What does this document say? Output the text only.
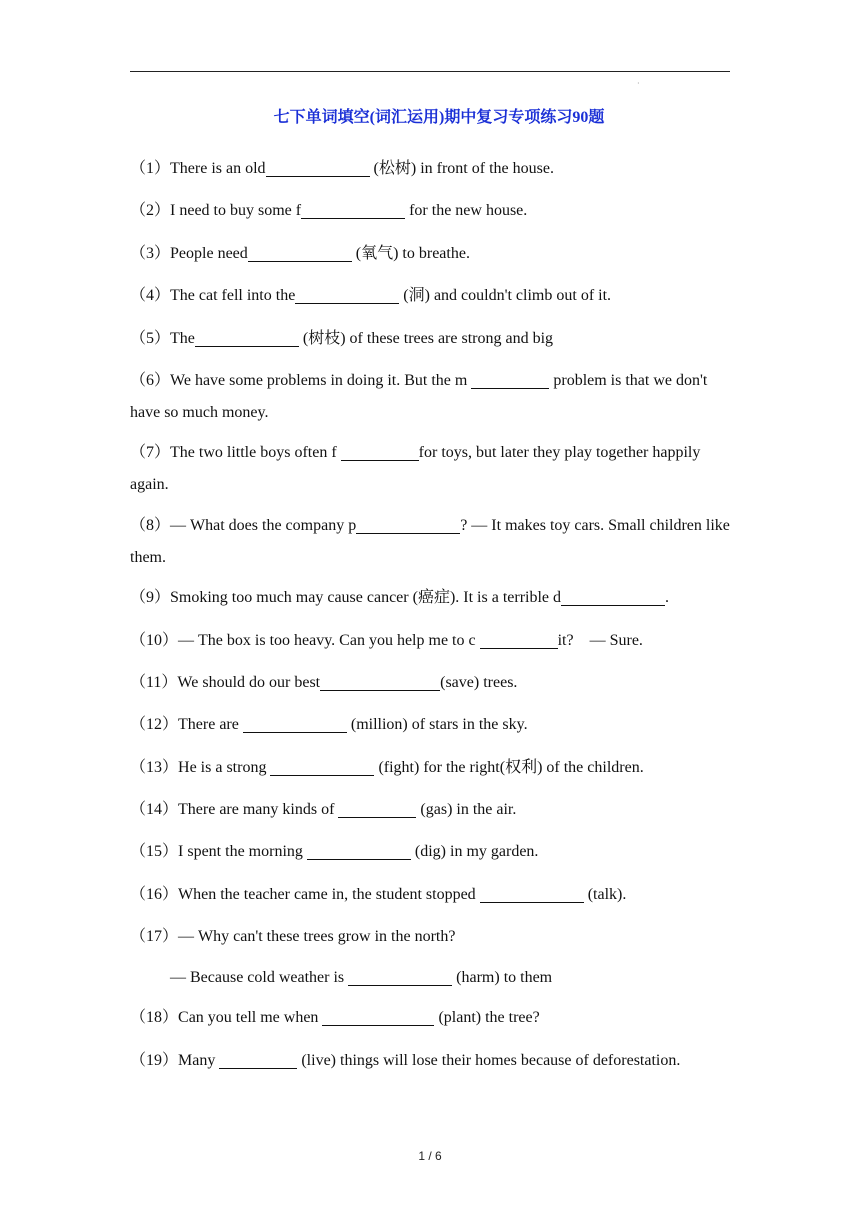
·
七下单词填空(词汇运用)期中复习专项练习90题
（1）There is an old	(松树) in front of the house.
（2）I need to buy some f	for the new house.
（3）People need	(氧气) to breathe.
（4）The cat fell into the	(洞) and couldn't climb out of it.
（5）The	(树枝) of these trees are strong and big
（6）We have some problems in doing it. But the m	problem is that we don't have so much money.
（7）The two little boys often f	for toys, but later they play together happily again.
（8）— What does the company p	? — It makes toy cars. Small children like them.
（9）Smoking too much may cause cancer (癌症). It is a terrible d	.
（10）— The box is too heavy. Can you help me to c	it?　— Sure.
（11）We should do our best	(save) trees.
（12）There are	(million) of stars in the sky.
（13）He is a strong	(fight) for the right(权利) of the children.
（14）There are many kinds of	(gas) in the air.
（15）I spent the morning	(dig) in my garden.
（16）When the teacher came in, the student stopped	(talk).
（17）— Why can't these trees grow in the north?
— Because cold weather is	(harm) to them
（18）Can you tell me when	(plant) the tree?
（19）Many	(live) things will lose their homes because of deforestation.
1 / 6
